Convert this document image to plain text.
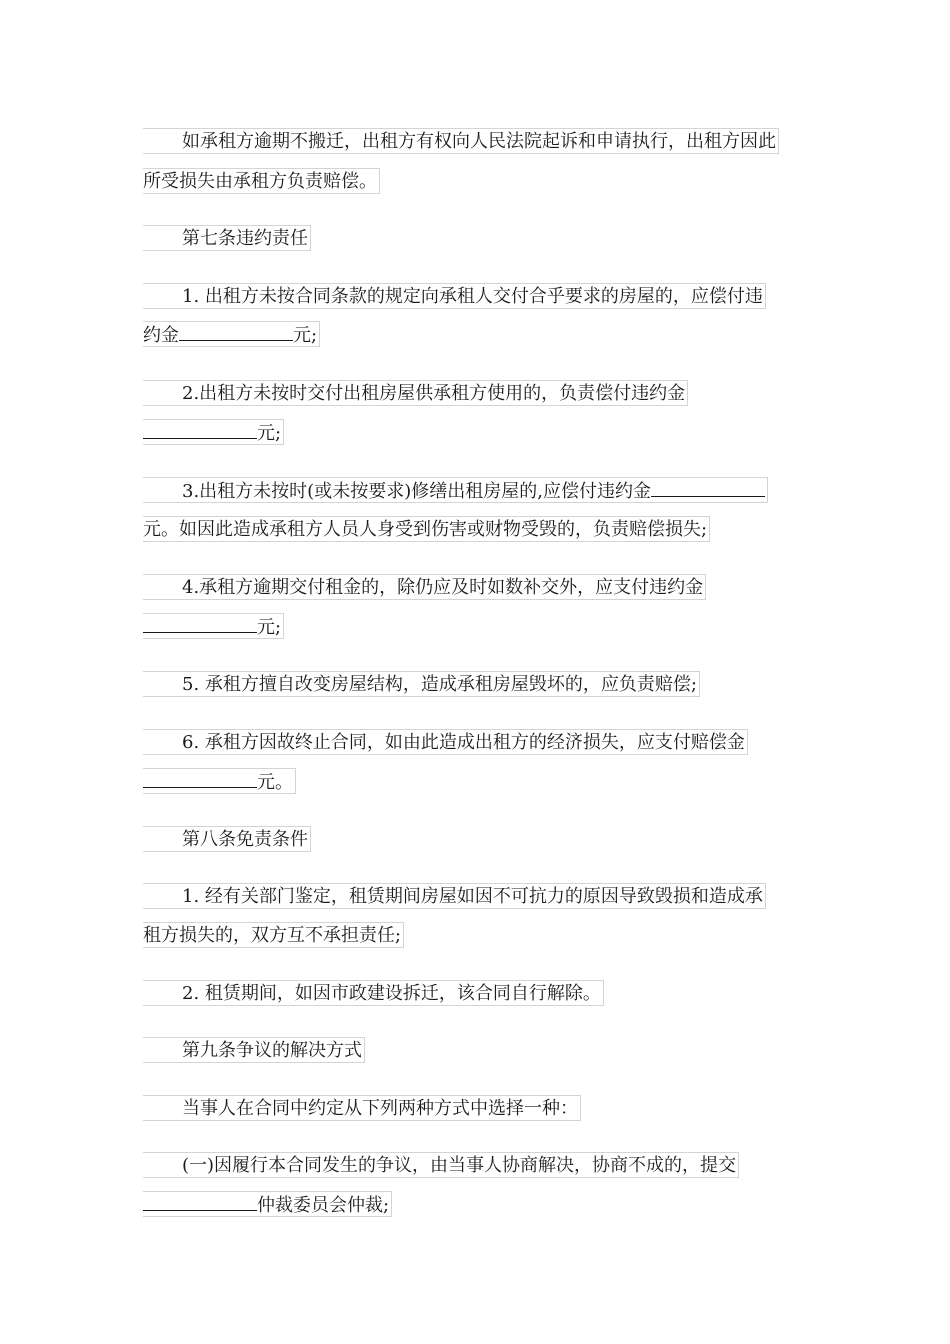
如承租方逾期不搬迁，出租方有权向人民法院起诉和申请执行，出租方因此
所受损失由承租方负责赔偿。
第七条违约责任
1. 出租方未按合同条款的规定向承租人交付合乎要求的房屋的，应偿付违
约金	元;
2.出租方未按时交付出租房屋供承租方使用的，负责偿付违约金
元;
3.出租方未按时(或未按要求)修缮出租房屋的,应偿付违约金
元。如因此造成承租方人员人身受到伤害或财物受毁的，负责赔偿损失;
4.承租方逾期交付租金的，除仍应及时如数补交外，应支付违约金
元;
5. 承租方擅自改变房屋结构，造成承租房屋毁坏的，应负责赔偿;
6. 承租方因故终止合同，如由此造成出租方的经济损失，应支付赔偿金
元。
第八条免责条件
1. 经有关部门鉴定，租赁期间房屋如因不可抗力的原因导致毁损和造成承
租方损失的，双方互不承担责任;
2. 租赁期间，如因市政建设拆迁，该合同自行解除。
第九条争议的解决方式
当事人在合同中约定从下列两种方式中选择一种：
(一)因履行本合同发生的争议，由当事人协商解决，协商不成的，提交
仲裁委员会仲裁;
